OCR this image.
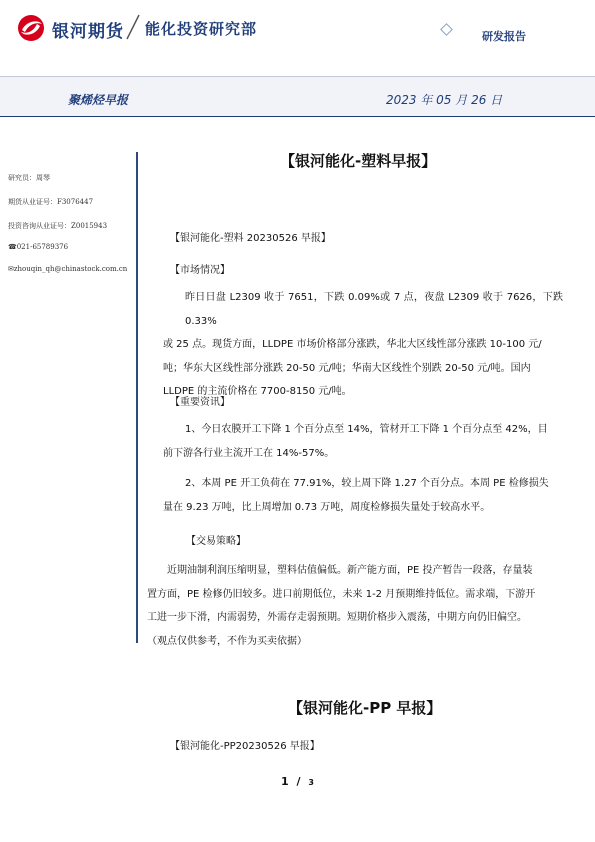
银河期货 能化投资研究部	研发报告
聚烯烃早报	2023 年 05 月 26 日
研究员：周琴
期货从业证号：F3076447
投资咨询从业证号：Z0015943
☎021-65789376
✉zhouqin_qh@chinastock.com.cn
【银河能化-塑料早报】
【银河能化-塑料 20230526 早报】
【市场情况】
昨日日盘 L2309 收于 7651，下跌 0.09%或 7 点，夜盘 L2309 收于 7626，下跌 0.33%
或 25 点。现货方面，LLDPE 市场价格部分涨跌，华北大区线性部分涨跌 10-100 元/
吨；华东大区线性部分涨跌 20-50 元/吨；华南大区线性个别跌 20-50 元/吨。国内
LLDPE 的主流价格在 7700-8150 元/吨。
【重要资讯】
1、今日农膜开工下降 1 个百分点至 14%，管材开工下降 1 个百分点至 42%，目
前下游各行业主流开工在 14%-57%。
2、本周 PE 开工负荷在 77.91%，较上周下降 1.27 个百分点。本周 PE 检修损失
量在 9.23 万吨，比上周增加 0.73 万吨，周度检修损失量处于较高水平。
【交易策略】
近期油制利润压缩明显，塑料估值偏低。新产能方面，PE 投产暂告一段落，存量装
置方面，PE 检修仍旧较多。进口前期低位，未来 1-2 月预期维持低位。需求端，下游开
工进一步下滑，内需弱势，外需存走弱预期。短期价格步入震荡，中期方向仍旧偏空。
（观点仅供参考，不作为买卖依据）
【银河能化-PP 早报】
【银河能化-PP20230526 早报】
1 / 3
